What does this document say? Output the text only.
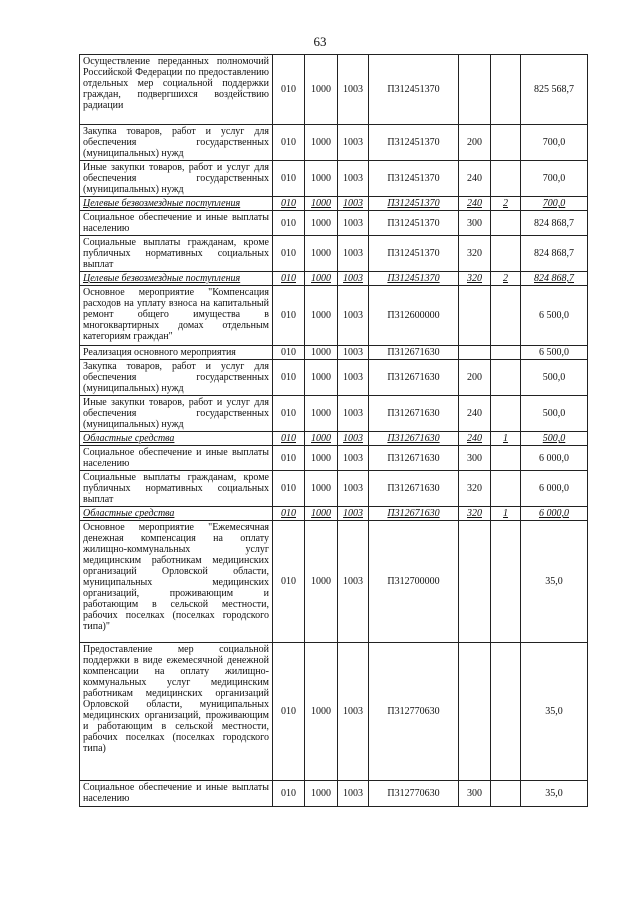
63
Осуществление переданных полномочий Российской Федерации по предоставлению отдельных мер социальной поддержки граждан, подвергшихся воздействию радиации	010	1000	1003	П312451370			825 568,7
Закупка товаров, работ и услуг для обеспечения государственных (муниципальных) нужд	010	1000	1003	П312451370	200		700,0
Иные закупки товаров, работ и услуг для обеспечения государственных (муниципальных) нужд	010	1000	1003	П312451370	240		700,0
Целевые безвозмездные поступления	010	1000	1003	П312451370	240	2	700,0
Социальное обеспечение и иные выплаты населению	010	1000	1003	П312451370	300		824 868,7
Социальные выплаты гражданам, кроме публичных нормативных социальных выплат	010	1000	1003	П312451370	320		824 868,7
Целевые безвозмездные поступления	010	1000	1003	П312451370	320	2	824 868,7
Основное мероприятие "Компенсация расходов на уплату взноса на капитальный ремонт общего имущества в многоквартирных домах отдельным категориям граждан"	010	1000	1003	П312600000			6 500,0
Реализация основного мероприятия	010	1000	1003	П312671630			6 500,0
Закупка товаров, работ и услуг для обеспечения государственных (муниципальных) нужд	010	1000	1003	П312671630	200		500,0
Иные закупки товаров, работ и услуг для обеспечения государственных (муниципальных) нужд	010	1000	1003	П312671630	240		500,0
Областные средства	010	1000	1003	П312671630	240	1	500,0
Социальное обеспечение и иные выплаты населению	010	1000	1003	П312671630	300		6 000,0
Социальные выплаты гражданам, кроме публичных нормативных социальных выплат	010	1000	1003	П312671630	320		6 000,0
Областные средства	010	1000	1003	П312671630	320	1	6 000,0
Основное мероприятие "Ежемесячная денежная компенсация на оплату жилищно-коммунальных услуг медицинским работникам медицинских организаций Орловской области, муниципальных медицинских организаций, проживающим и работающим в сельской местности, рабочих поселках (поселках городского типа)"	010	1000	1003	П312700000			35,0
Предоставление мер социальной поддержки в виде ежемесячной денежной компенсации на оплату жилищно-коммунальных услуг медицинским работникам медицинских организаций Орловской области, муниципальных медицинских организаций, проживающим и работающим в сельской местности, рабочих поселках (поселках городского типа)	010	1000	1003	П312770630			35,0
Социальное обеспечение и иные выплаты населению	010	1000	1003	П312770630	300		35,0
